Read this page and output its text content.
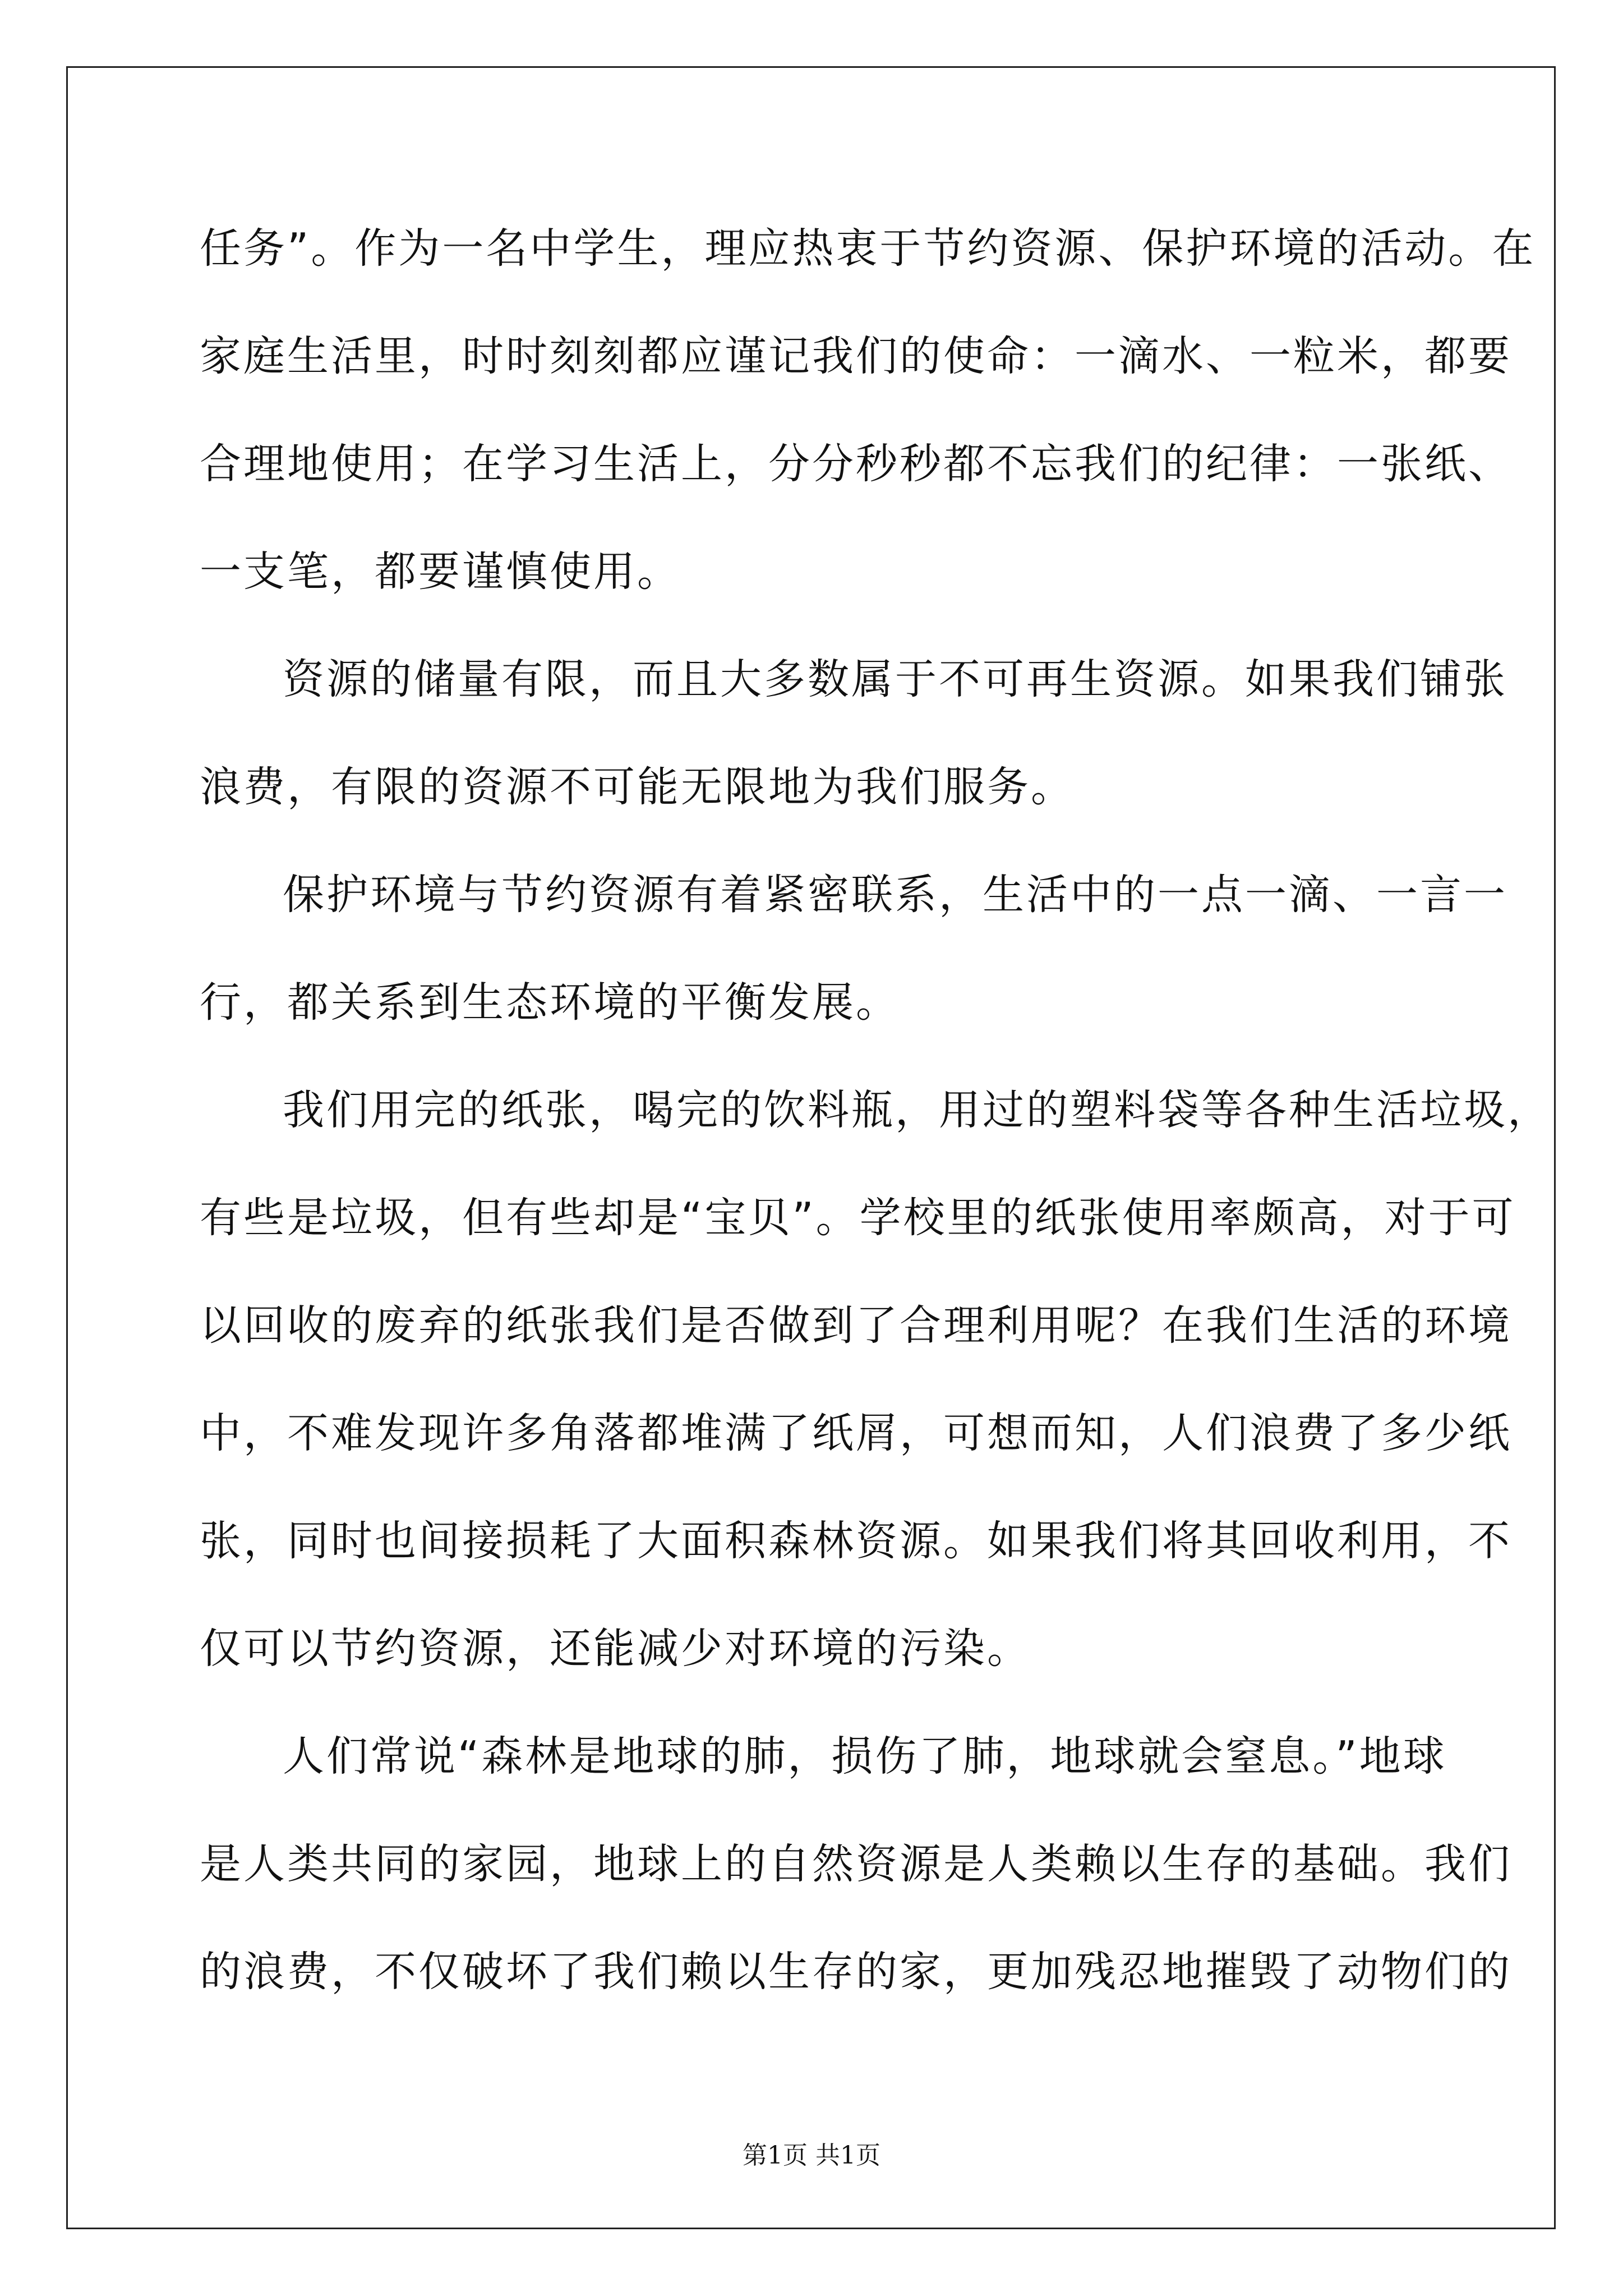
任务”。作为一名中学生，理应热衷于节约资源、保护环境的活动。在
家庭生活里，时时刻刻都应谨记我们的使命：一滴水、一粒米，都要
合理地使用；在学习生活上，分分秒秒都不忘我们的纪律：一张纸、
一支笔，都要谨慎使用。
资源的储量有限，而且大多数属于不可再生资源。如果我们铺张
浪费，有限的资源不可能无限地为我们服务。
保护环境与节约资源有着紧密联系，生活中的一点一滴、一言一
行，都关系到生态环境的平衡发展。
我们用完的纸张，喝完的饮料瓶，用过的塑料袋等各种生活垃圾，
有些是垃圾，但有些却是“宝贝”。学校里的纸张使用率颇高，对于可
以回收的废弃的纸张我们是否做到了合理利用呢？在我们生活的环境
中，不难发现许多角落都堆满了纸屑，可想而知，人们浪费了多少纸
张，同时也间接损耗了大面积森林资源。如果我们将其回收利用，不
仅可以节约资源，还能减少对环境的污染。
人们常说“森林是地球的肺，损伤了肺，地球就会窒息。”地球
是人类共同的家园，地球上的自然资源是人类赖以生存的基础。我们
的浪费，不仅破坏了我们赖以生存的家，更加残忍地摧毁了动物们的
第1页 共1页
